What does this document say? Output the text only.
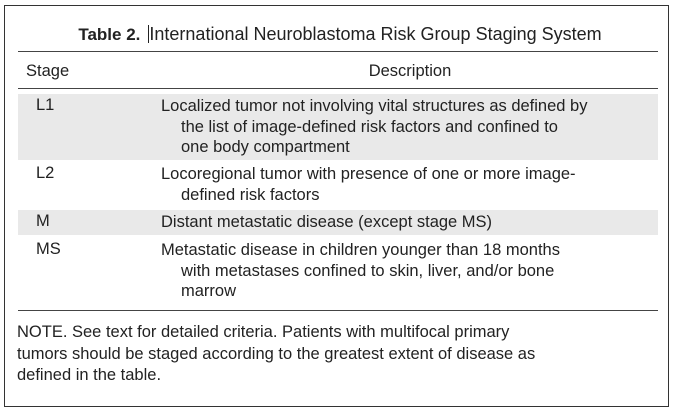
Table 2. International Neuroblastoma Risk Group Staging System
Stage	Description
L1	Localized tumor not involving vital structures as defined by
the list of image-defined risk factors and confined to
one body compartment
L2	Locoregional tumor with presence of one or more image-
defined risk factors
M	Distant metastatic disease (except stage MS)
MS	Metastatic disease in children younger than 18 months
with metastases confined to skin, liver, and/or bone
marrow
NOTE. See text for detailed criteria. Patients with multifocal primary
tumors should be staged according to the greatest extent of disease as
defined in the table.
